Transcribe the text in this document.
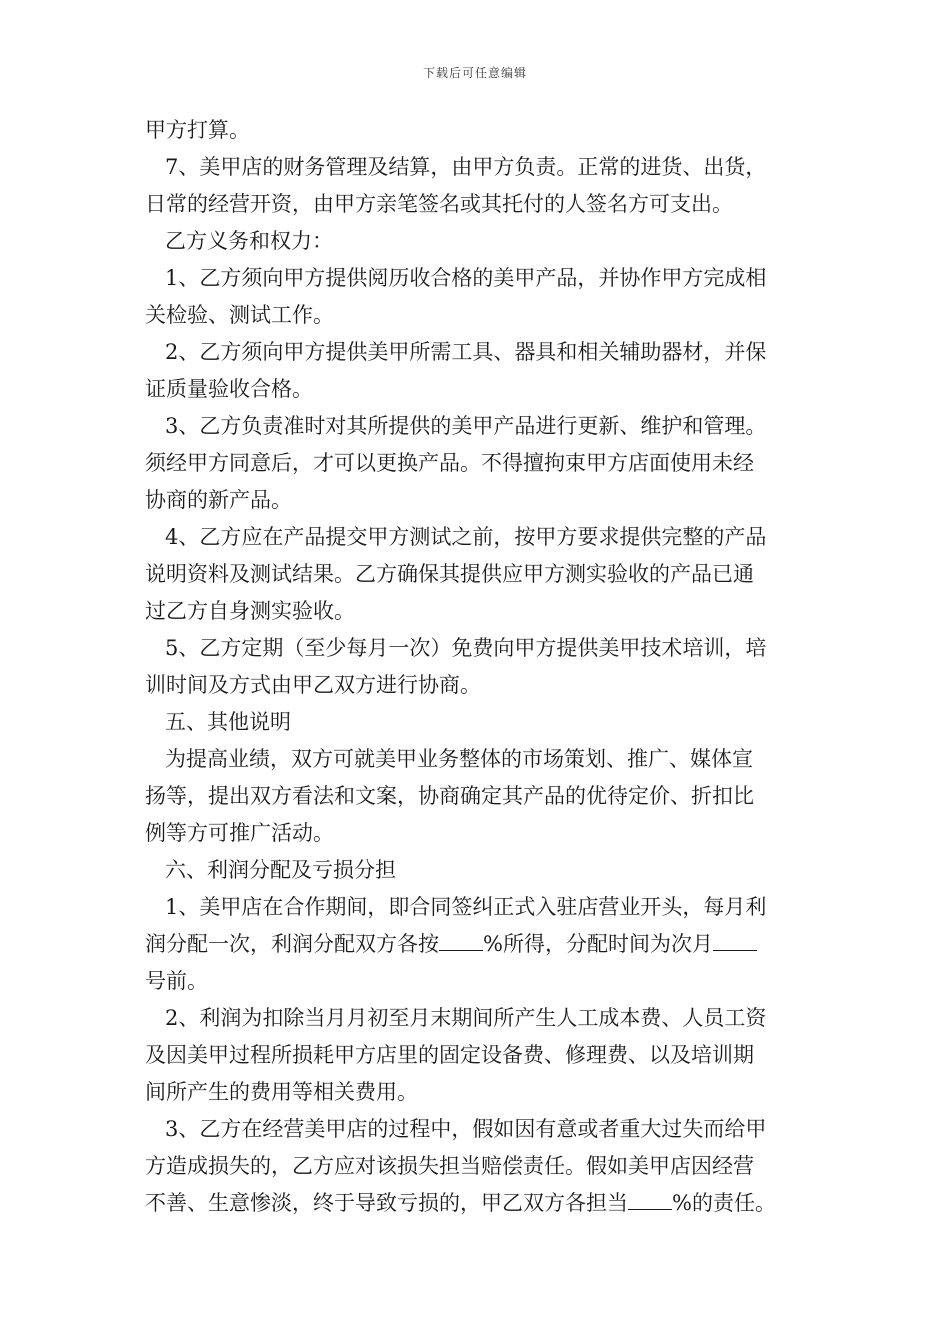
下载后可任意编辑
甲方打算。
7、美甲店的财务管理及结算，由甲方负责。正常的进货、出货，
日常的经营开资，由甲方亲笔签名或其托付的人签名方可支出。
乙方义务和权力：
1、乙方须向甲方提供阅历收合格的美甲产品，并协作甲方完成相
关检验、测试工作。
2、乙方须向甲方提供美甲所需工具、器具和相关辅助器材，并保
证质量验收合格。
3、乙方负责准时对其所提供的美甲产品进行更新、维护和管理。
须经甲方同意后，才可以更换产品。不得擅拘束甲方店面使用未经
协商的新产品。
4、乙方应在产品提交甲方测试之前，按甲方要求提供完整的产品
说明资料及测试结果。乙方确保其提供应甲方测实验收的产品已通
过乙方自身测实验收。
5、乙方定期（至少每月一次）免费向甲方提供美甲技术培训，培
训时间及方式由甲乙双方进行协商。
五、其他说明
为提高业绩，双方可就美甲业务整体的市场策划、推广、媒体宣
扬等，提出双方看法和文案，协商确定其产品的优待定价、折扣比
例等方可推广活动。
六、利润分配及亏损分担
1、美甲店在合作期间，即合同签纠正式入驻店营业开头，每月利
润分配一次，利润分配双方各按 %所得，分配时间为次月
号前。
2、利润为扣除当月月初至月末期间所产生人工成本费、人员工资
及因美甲过程所损耗甲方店里的固定设备费、修理费、以及培训期
间所产生的费用等相关费用。
3、乙方在经营美甲店的过程中，假如因有意或者重大过失而给甲
方造成损失的，乙方应对该损失担当赔偿责任。假如美甲店因经营
不善、生意惨淡，终于导致亏损的，甲乙双方各担当 %的责任。
